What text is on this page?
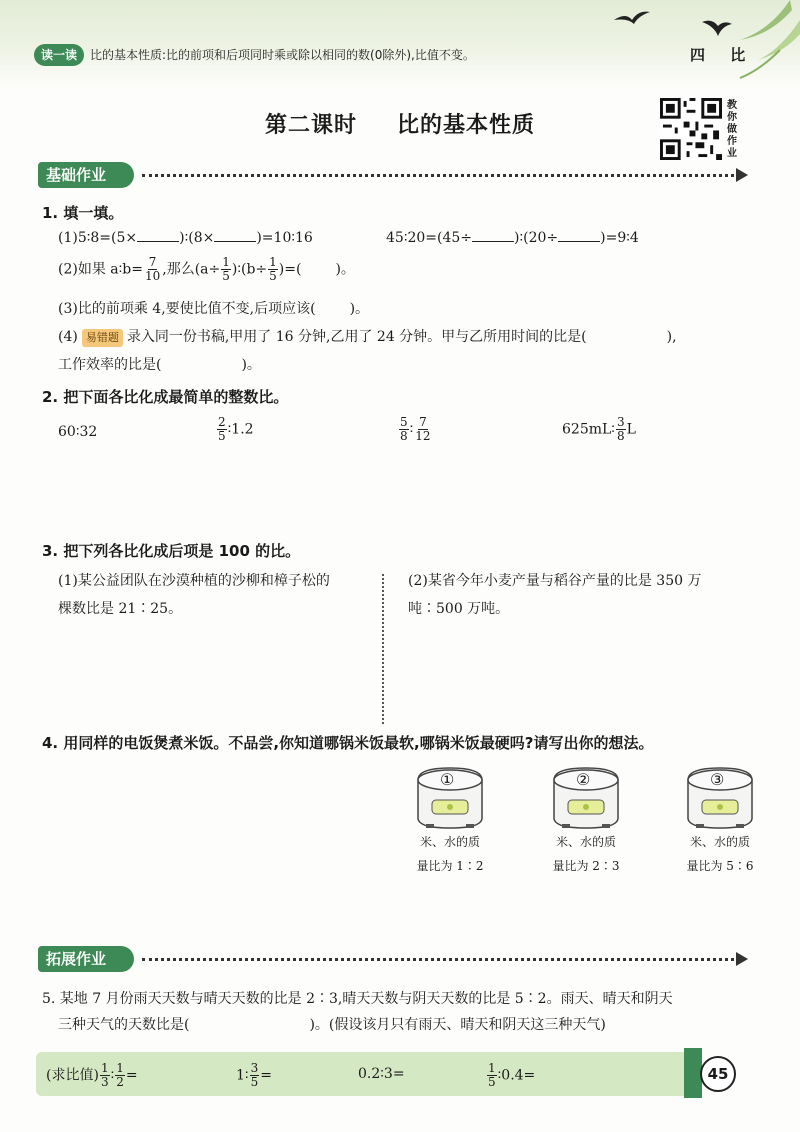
读一读	比的基本性质:比的前项和后项同时乘或除以相同的数(0除外),比值不变。	四 比
第二课时 比的基本性质
教你做作业
基础作业
1. 填一填。
(1)5∶8=(5×	)∶(8×	)=10∶16	45∶20=(45÷	)∶(20÷	)=9∶4
(2)如果 a∶b= $\frac{7}{10}$ ,那么($a\div \frac{1}{5}$ )∶(b÷ $\frac{1}{5}$ )=( )。
(3)比的前项乘 4,要使比值不变,后项应该( )。
(4) 易错题 录入同一份书稿,甲用了 16 分钟,乙用了 24 分钟。甲与乙所用时间的比是(	),
工作效率的比是(	)。
2. 把下面各比化成最简单的整数比。
60∶32	$\frac{2}{5}$ ∶1.2	$\frac{5}{8}$ ∶ $\frac{7}{12}$	625mL∶ $\frac{3}{8}$ L
3. 把下列各比化成后项是 100 的比。
(1)某公益团队在沙漠种植的沙柳和樟子松的
棵数比是 21∶25。
(2)某省今年小麦产量与稻谷产量的比是 350 万
吨∶500 万吨。
4. 用同样的电饭煲煮米饭。不品尝,你知道哪锅米饭最软,哪锅米饭最硬吗?请写出你的想法。
①
米、水的质
量比为 1∶2
②
米、水的质
量比为 2∶3
③
米、水的质
量比为 5∶6
拓展作业
5. 某地 7 月份雨天天数与晴天天数的比是 2∶3,晴天天数与阴天天数的比是 5∶2。雨天、晴天和阴天
三种天气的天数比是(	)。(假设该月只有雨天、晴天和阴天这三种天气)
45
(求比值) $\frac{1}{3}$ ∶ $\frac{1}{2}$ =	1∶ $\frac{3}{5}$ =	0.2∶3=	$\frac{1}{5}$ ∶0.4=
